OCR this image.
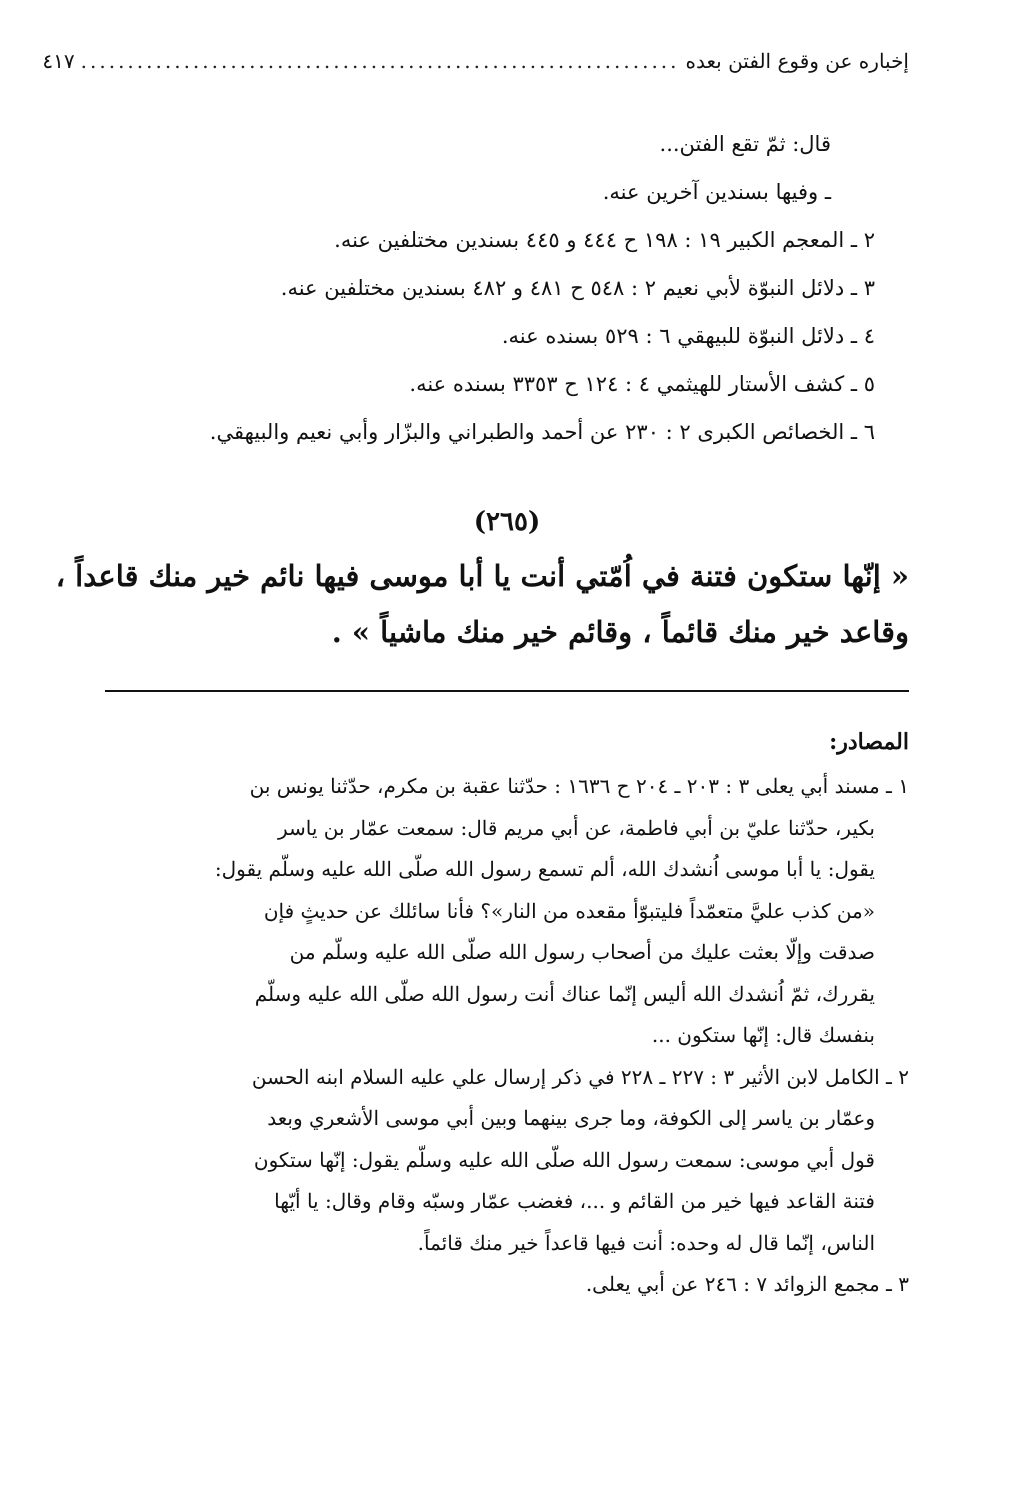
إخباره عن وقوع الفتن بعده
................................................................
٤١٧
قال: ثمّ تقع الفتن...
ـ وفيها بسندين آخرين عنه.
٢ ـ المعجم الكبير ١٩ : ١٩٨ ح ٤٤٤ و ٤٤٥ بسندين مختلفين عنه.
٣ ـ دلائل النبوّة لأبي نعيم ٢ : ٥٤٨ ح ٤٨١ و ٤٨٢ بسندين مختلفين عنه.
٤ ـ دلائل النبوّة للبيهقي ٦ : ٥٢٩ بسنده عنه.
٥ ـ كشف الأستار للهيثمي ٤ : ١٢٤ ح ٣٣٥٣ بسنده عنه.
٦ ـ الخصائص الكبرى ٢ : ٢٣٠ عن أحمد والطبراني والبزّار وأبي نعيم والبيهقي.
(٢٦٥)
« إنّها ستكون فتنة في اُمّتي أنت يا أبا موسى فيها نائم خير منك قاعداً ،
وقاعد خير منك قائماً ، وقائم خير منك ماشياً » .
المصادر:
١ ـ مسند أبي يعلى ٣ : ٢٠٣ ـ ٢٠٤ ح ١٦٣٦ : حدّثنا عقبة بن مكرم، حدّثنا يونس بن
بكير، حدّثنا عليّ بن أبي فاطمة، عن أبي مريم قال: سمعت عمّار بن ياسر
يقول: يا أبا موسى اُنشدك الله، ألم تسمع رسول الله صلّى الله عليه وسلّم يقول:
«من كذب عليَّ متعمّداً فليتبوّأ مقعده من النار»؟ فأنا سائلك عن حديثٍ فإن
صدقت وإلّا بعثت عليك من أصحاب رسول الله صلّى الله عليه وسلّم من
يقررك، ثمّ اُنشدك الله أليس إنّما عناك أنت رسول الله صلّى الله عليه وسلّم
بنفسك قال: إنّها ستكون ...
٢ ـ الكامل لابن الأثير ٣ : ٢٢٧ ـ ٢٢٨ في ذكر إرسال علي عليه السلام ابنه الحسن
وعمّار بن ياسر إلى الكوفة، وما جرى بينهما وبين أبي موسى الأشعري وبعد
قول أبي موسى: سمعت رسول الله صلّى الله عليه وسلّم يقول: إنّها ستكون
فتنة القاعد فيها خير من القائم و ...، فغضب عمّار وسبّه وقام وقال: يا أيّها
الناس، إنّما قال له وحده: أنت فيها قاعداً خير منك قائماً.
٣ ـ مجمع الزوائد ٧ : ٢٤٦ عن أبي يعلى.
